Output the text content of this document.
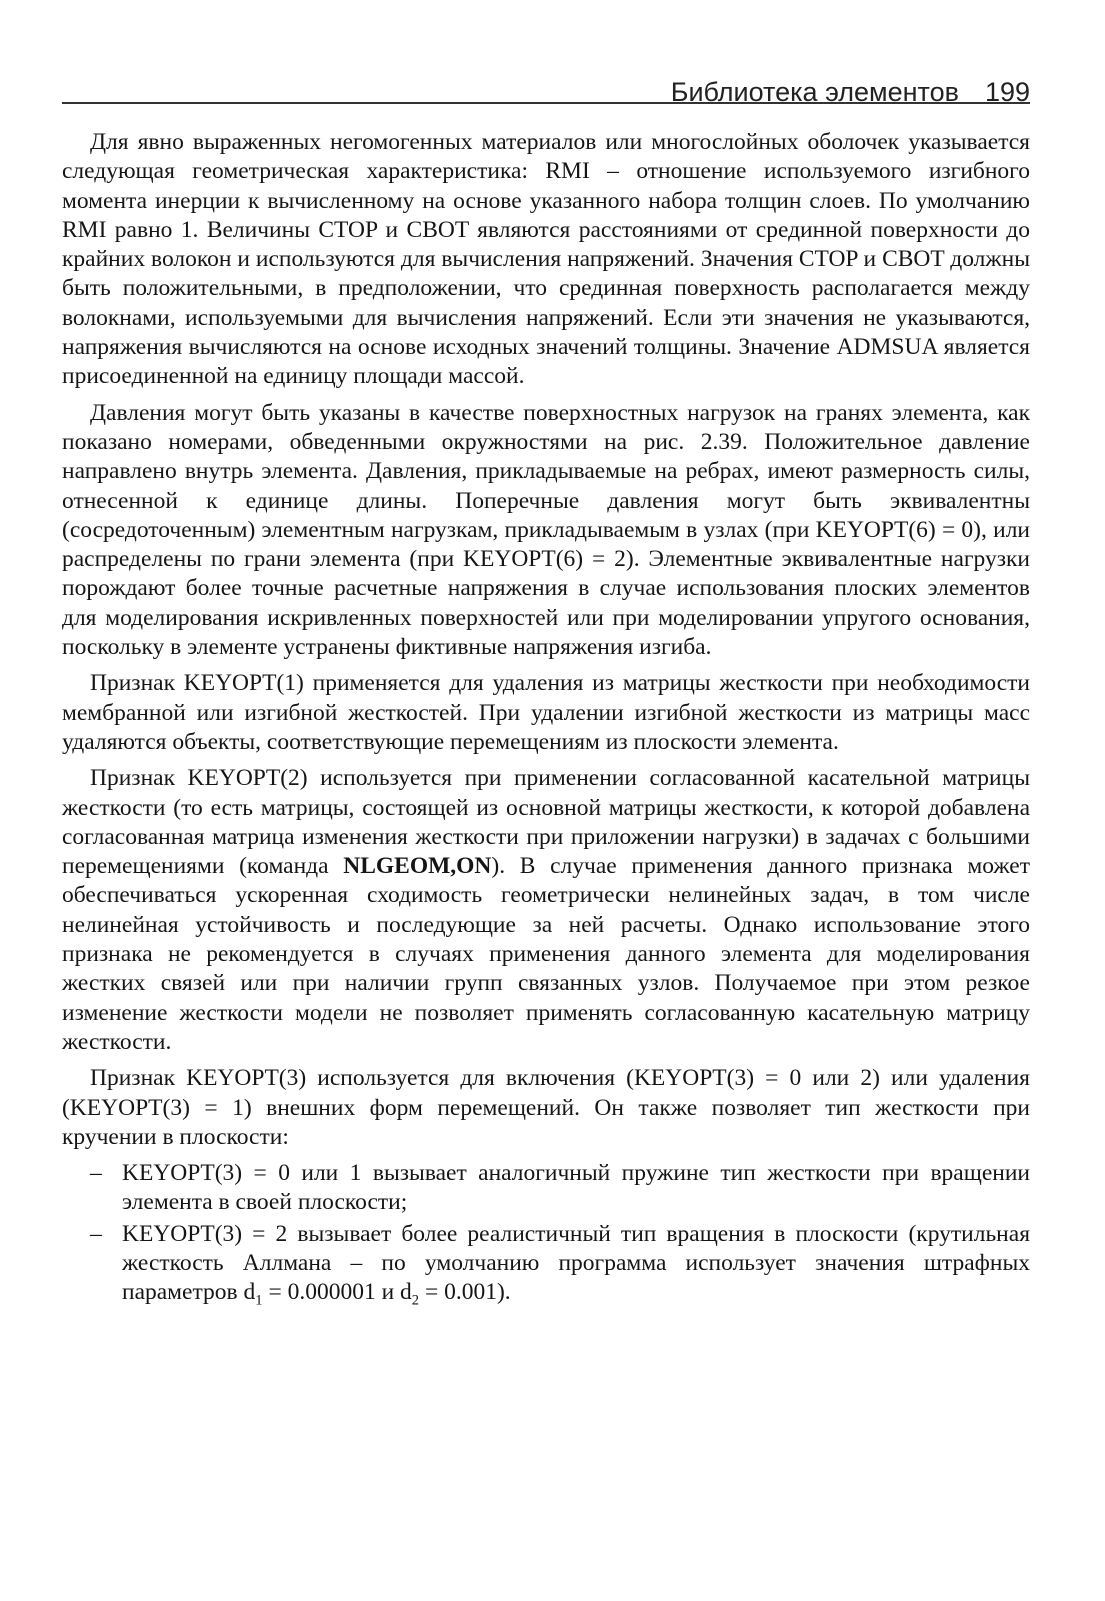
Библиотека элементов 199

Для явно выраженных негомогенных материалов или многослойных оболочек указывается следующая геометрическая характеристика: RMI – отношение используемого изгибного момента инерции к вычисленному на основе указанного набора толщин слоев. По умолчанию RMI равно 1. Величины CTOP и CBOT являются расстояниями от срединной поверхности до крайних волокон и используются для вычисления напряжений. Значения CTOP и CBOT должны быть положительными, в предположении, что срединная поверхность располагается между волокнами, используемыми для вычисления напряжений. Если эти значения не указываются, напряжения вычисляются на основе исходных значений толщины. Значение ADMSUA является присоединенной на единицу площади массой.

Давления могут быть указаны в качестве поверхностных нагрузок на гранях элемента, как показано номерами, обведенными окружностями на рис. 2.39. Положительное давление направлено внутрь элемента. Давления, прикладываемые на ребрах, имеют размерность силы, отнесенной к единице длины. Поперечные давления могут быть эквивалентны (сосредоточенным) элементным нагрузкам, прикладываемым в узлах (при KEYOPT(6) = 0), или распределены по грани элемента (при KEYOPT(6) = 2). Элементные эквивалентные нагрузки порождают более точные расчетные напряжения в случае использования плоских элементов для моделирования искривленных поверхностей или при моделировании упругого основания, поскольку в элементе устранены фиктивные напряжения изгиба.

Признак KEYOPT(1) применяется для удаления из матрицы жесткости при необходимости мембранной или изгибной жесткостей. При удалении изгибной жесткости из матрицы масс удаляются объекты, соответствующие перемещениям из плоскости элемента.

Признак KEYOPT(2) используется при применении согласованной касательной матрицы жесткости (то есть матрицы, состоящей из основной матрицы жесткости, к которой добавлена согласованная матрица изменения жесткости при приложении нагрузки) в задачах с большими перемещениями (команда NLGEOM,ON). В случае применения данного признака может обеспечиваться ускоренная сходимость геометрически нелинейных задач, в том числе нелинейная устойчивость и последующие за ней расчеты. Однако использование этого признака не рекомендуется в случаях применения данного элемента для моделирования жестких связей или при наличии групп связанных узлов. Получаемое при этом резкое изменение жесткости модели не позволяет применять согласованную касательную матрицу жесткости.

Признак KEYOPT(3) используется для включения (KEYOPT(3) = 0 или 2) или удаления (KEYOPT(3) = 1) внешних форм перемещений. Он также позволяет тип жесткости при кручении в плоскости:

– KEYOPT(3) = 0 или 1 вызывает аналогичный пружине тип жесткости при вращении элемента в своей плоскости;
– KEYOPT(3) = 2 вызывает более реалистичный тип вращения в плоскости (крутильная жесткость Аллмана – по умолчанию программа использует значения штрафных параметров $d_1 = 0.000001$ и $d_2 = 0.001$).
